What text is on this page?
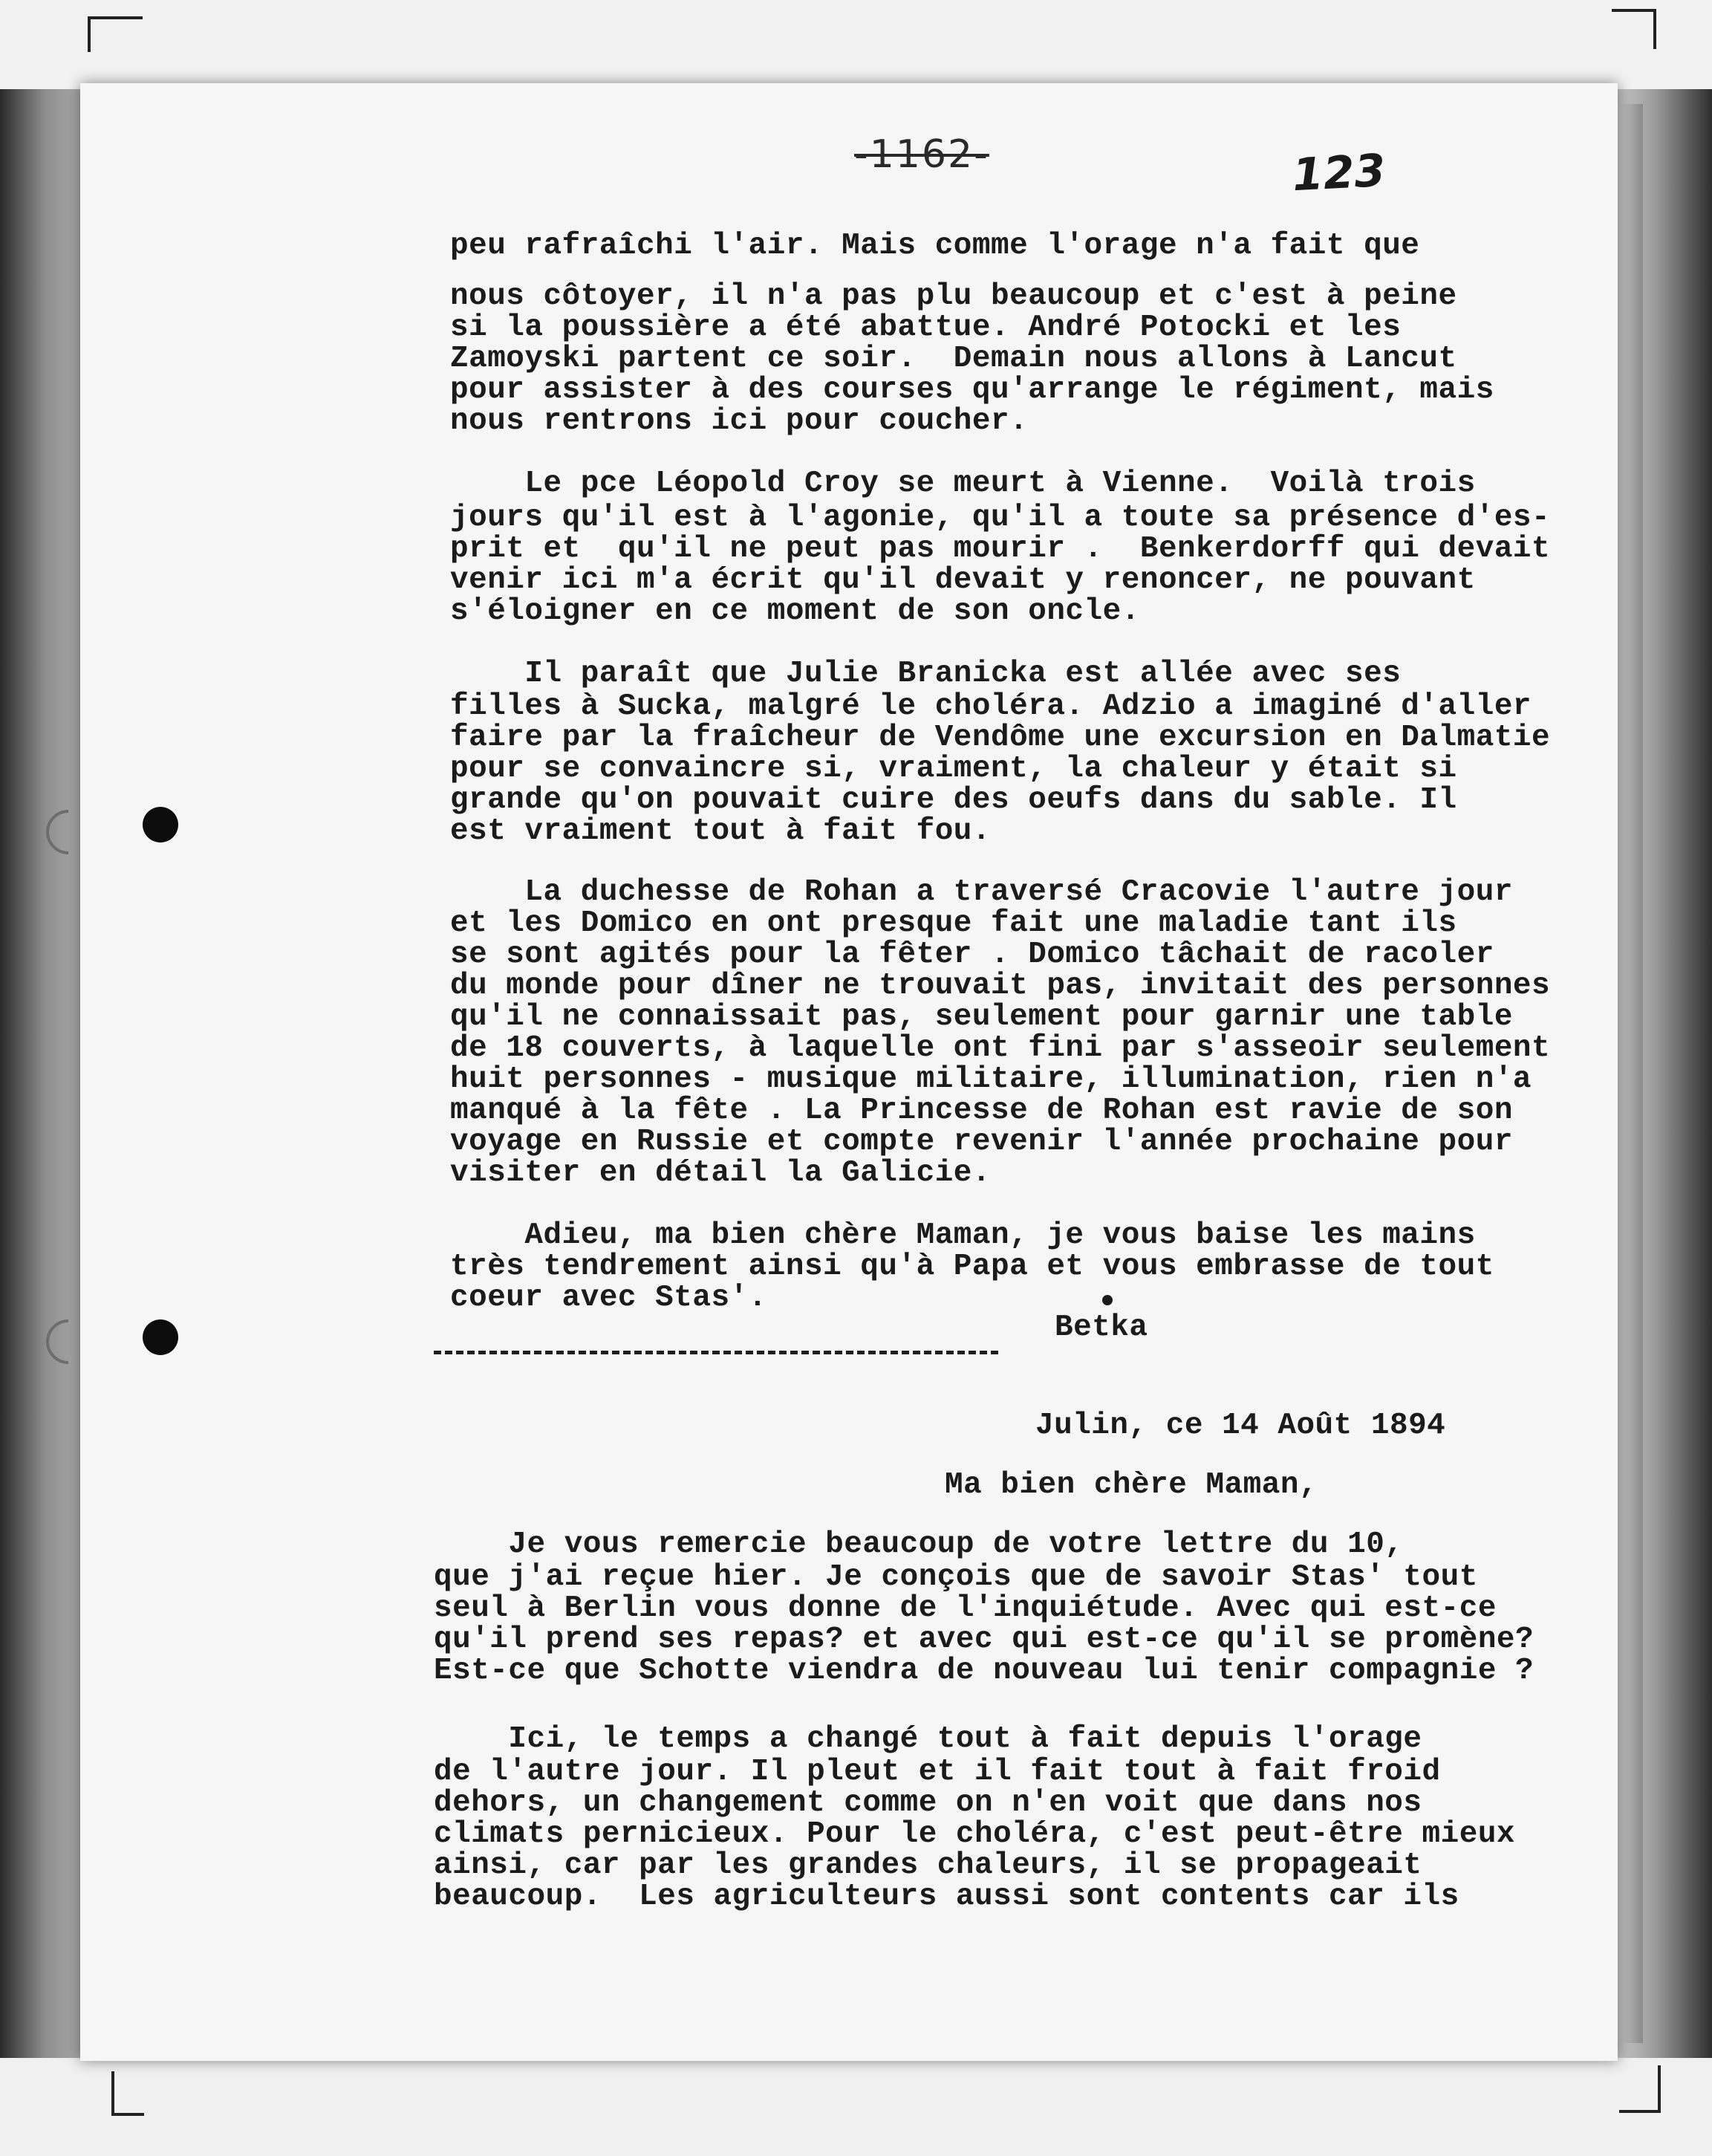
-1162-	123
peu rafraîchi l'air. Mais comme l'orage n'a fait que
nous côtoyer, il n'a pas plu beaucoup et c'est à peine
si la poussière a été abattue. André Potocki et les
Zamoyski partent ce soir.  Demain nous allons à Lancut
pour assister à des courses qu'arrange le régiment, mais
nous rentrons ici pour coucher.
Le pce Léopold Croy se meurt à Vienne.  Voilà trois
jours qu'il est à l'agonie, qu'il a toute sa présence d'es-
prit et  qu'il ne peut pas mourir .  Benkerdorff qui devait
venir ici m'a écrit qu'il devait y renoncer, ne pouvant
s'éloigner en ce moment de son oncle.
Il paraît que Julie Branicka est allée avec ses
filles à Sucka, malgré le choléra. Adzio a imaginé d'aller
faire par la fraîcheur de Vendôme une excursion en Dalmatie
pour se convaincre si, vraiment, la chaleur y était si
grande qu'on pouvait cuire des oeufs dans du sable. Il
est vraiment tout à fait fou.
La duchesse de Rohan a traversé Cracovie l'autre jour
et les Domico en ont presque fait une maladie tant ils
se sont agités pour la fêter . Domico tâchait de racoler
du monde pour dîner ne trouvait pas, invitait des personnes
qu'il ne connaissait pas, seulement pour garnir une table
de 18 couverts, à laquelle ont fini par s'asseoir seulement
huit personnes - musique militaire, illumination, rien n'a
manqué à la fête . La Princesse de Rohan est ravie de son
voyage en Russie et compte revenir l'année prochaine pour
visiter en détail la Galicie.
Adieu, ma bien chère Maman, je vous baise les mains
très tendrement ainsi qu'à Papa et vous embrasse de tout
coeur avec Stas'.
Betka
Julin, ce 14 Août 1894
Ma bien chère Maman,
Je vous remercie beaucoup de votre lettre du 10,
que j'ai reçue hier. Je conçois que de savoir Stas' tout
seul à Berlin vous donne de l'inquiétude. Avec qui est-ce
qu'il prend ses repas? et avec qui est-ce qu'il se promène?
Est-ce que Schotte viendra de nouveau lui tenir compagnie ?
Ici, le temps a changé tout à fait depuis l'orage
de l'autre jour. Il pleut et il fait tout à fait froid
dehors, un changement comme on n'en voit que dans nos
climats pernicieux. Pour le choléra, c'est peut-être mieux
ainsi, car par les grandes chaleurs, il se propageait
beaucoup.  Les agriculteurs aussi sont contents car ils
